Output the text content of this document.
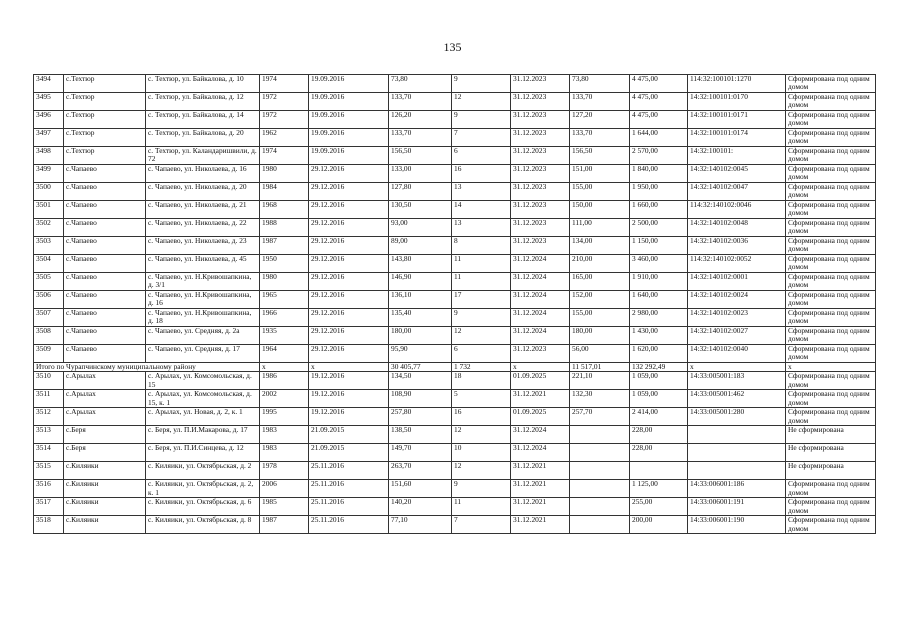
135
3494	с.Техтюр	с. Техтюр, ул. Байкалова, д. 10	1974	19.09.2016	73,80	9	31.12.2023	73,80	4 475,00	114:32:100101:1270	Сформирована под одним домом
3495	с.Техтюр	с. Техтюр, ул. Байкалова, д. 12	1972	19.09.2016	133,70	12	31.12.2023	133,70	4 475,00	14:32:100101:0170	Сформирована под одним домом
3496	с.Техтюр	с. Техтюр, ул. Байкалова, д. 14	1972	19.09.2016	126,20	9	31.12.2023	127,20	4 475,00	14:32:100101:0171	Сформирована под одним домом
3497	с.Техтюр	с. Техтюр, ул. Байкалова, д. 20	1962	19.09.2016	133,70	7	31.12.2023	133,70	1 644,00	14:32:100101:0174	Сформирована под одним домом
3498	с.Техтюр	с. Техтюр, ул. Каландаришвили, д. 72	1974	19.09.2016	156,50	6	31.12.2023	156,50	2 570,00	14:32:100101:	Сформирована под одним домом
3499	с.Чапаево	с. Чапаево, ул. Николаева, д. 16	1980	29.12.2016	133,00	16	31.12.2023	151,00	1 840,00	14:32:140102:0045	Сформирована под одним домом
3500	с.Чапаево	с. Чапаево, ул. Николаева, д. 20	1984	29.12.2016	127,80	13	31.12.2023	155,00	1 950,00	14:32:140102:0047	Сформирована под одним домом
3501	с.Чапаево	с. Чапаево, ул. Николаева, д. 21	1968	29.12.2016	130,50	14	31.12.2023	150,00	1 660,00	114:32:140102:0046	Сформирована под одним домом
3502	с.Чапаево	с. Чапаево, ул. Николаева, д. 22	1988	29.12.2016	93,00	13	31.12.2023	111,00	2 500,00	14:32:140102:0048	Сформирована под одним домом
3503	с.Чапаево	с. Чапаево, ул. Николаева, д. 23	1987	29.12.2016	89,00	8	31.12.2023	134,00	1 150,00	14:32:140102:0036	Сформирована под одним домом
3504	с.Чапаево	с. Чапаево, ул. Николаева, д. 45	1950	29.12.2016	143,80	11	31.12.2024	210,00	3 460,00	114:32:140102:0052	Сформирована под одним домом
3505	с.Чапаево	с. Чапаево, ул. Н.Кривошапкина, д. 3/1	1980	29.12.2016	146,90	11	31.12.2024	165,00	1 910,00	14:32:140102:0001	Сформирована под одним домом
3506	с.Чапаево	с. Чапаево, ул. Н.Кривошапкина, д. 16	1965	29.12.2016	136,10	17	31.12.2024	152,00	1 640,00	14:32:140102:0024	Сформирована под одним домом
3507	с.Чапаево	с. Чапаево, ул. Н.Кривошапкина, д. 18	1966	29.12.2016	135,40	9	31.12.2024	155,00	2 980,00	14:32:140102:0023	Сформирована под одним домом
3508	с.Чапаево	с. Чапаево, ул. Средняя, д. 2а	1935	29.12.2016	180,00	12	31.12.2024	180,00	1 430,00	14:32:140102:0027	Сформирована под одним домом
3509	с.Чапаево	с. Чапаево, ул. Средняя, д. 17	1964	29.12.2016	95,90	6	31.12.2023	56,00	1 620,00	14:32:140102:0040	Сформирована под одним домом
Итого по Чурапчинскому муниципальному району			х	х	30 405,77	1 732	х	11 517,01	132 292,49	х	х
3510	с.Арылах	с. Арылах, ул. Комсомольская, д. 15	1986	19.12.2016	134,50	18	01.09.2025	221,10	1 059,00	14:33:005001:183	Сформирована под одним домом
3511	с.Арылах	с. Арылах, ул. Комсомольская, д. 15, к. 1	2002	19.12.2016	108,90	5	31.12.2021	132,30	1 059,00	14:33:005001:462	Сформирована под одним домом
3512	с.Арылах	с. Арылах, ул. Новая, д. 2, к. 1	1995	19.12.2016	257,80	16	01.09.2025	257,70	2 414,00	14:33:005001:280	Сформирована под одним домом
3513	с.Беря	с. Беря, ул. П.И.Макарова, д. 17	1983	21.09.2015	138,50	12	31.12.2024		228,00		Не сформирована
3514	с.Беря	с. Беря, ул. П.И.Синцева, д. 12	1983	21.09.2015	149,70	10	31.12.2024		228,00		Не сформирована
3515	с.Киляики	с. Киляики, ул. Октябрьская, д. 2	1978	25.11.2016	263,70	12	31.12.2021				Не сформирована
3516	с.Киляики	с. Киляики, ул. Октябрьская, д. 2, к. 1	2006	25.11.2016	151,60	9	31.12.2021		1 125,00	14:33:006001:186	Сформирована под одним домом
3517	с.Киляики	с. Киляики, ул. Октябрьская, д. 6	1985	25.11.2016	140,20	11	31.12.2021		255,00	14:33:006001:191	Сформирована под одним домом
3518	с.Киляики	с. Киляики, ул. Октябрьская, д. 8	1987	25.11.2016	77,10	7	31.12.2021		200,00	14:33:006001:190	Сформирована под одним домом
